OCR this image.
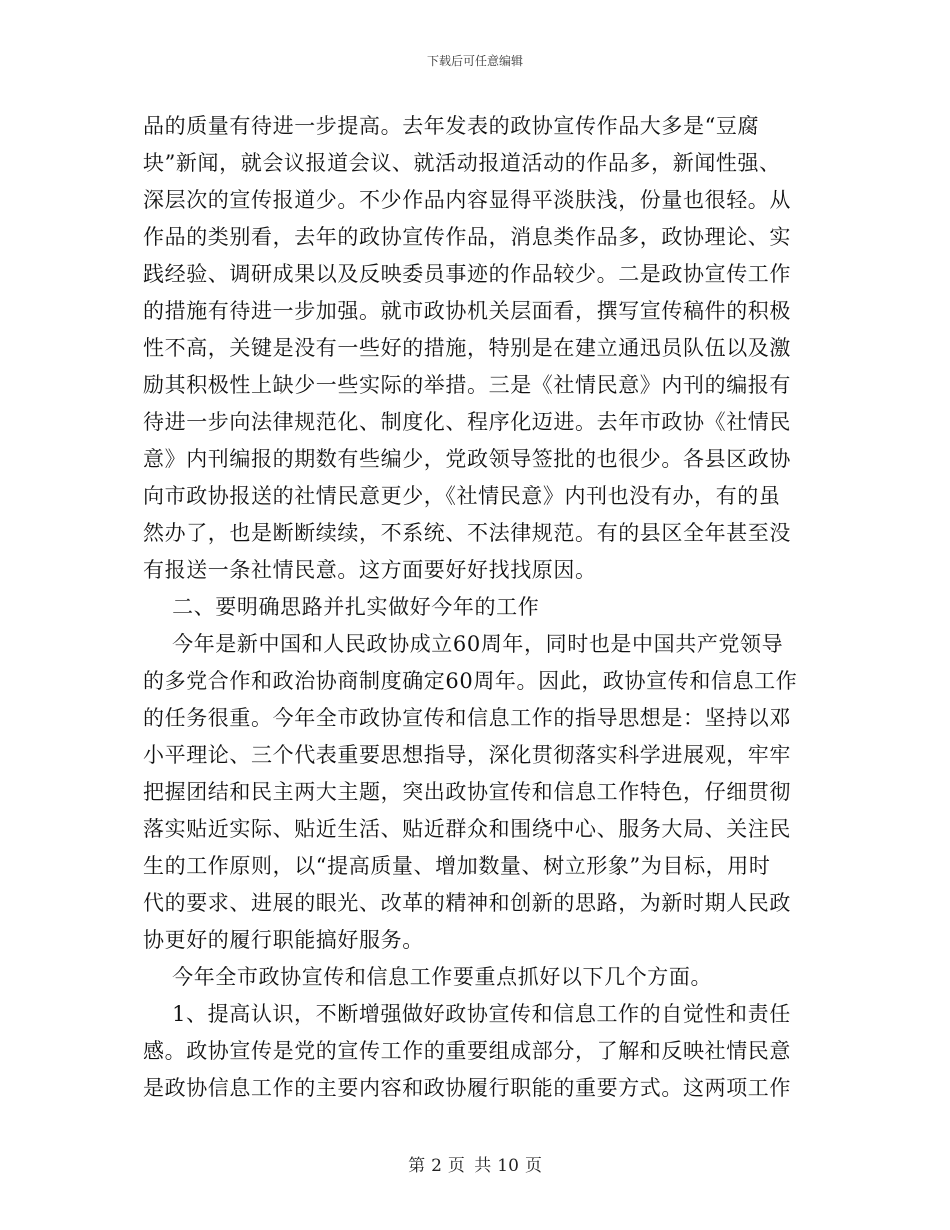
下载后可任意编辑
品的质量有待进一步提高。去年发表的政协宣传作品大多是“豆腐
块”新闻，就会议报道会议、就活动报道活动的作品多，新闻性强、
深层次的宣传报道少。不少作品内容显得平淡肤浅，份量也很轻。从
作品的类别看，去年的政协宣传作品，消息类作品多，政协理论、实
践经验、调研成果以及反映委员事迹的作品较少。二是政协宣传工作
的措施有待进一步加强。就市政协机关层面看，撰写宣传稿件的积极
性不高，关键是没有一些好的措施，特别是在建立通迅员队伍以及激
励其积极性上缺少一些实际的举措。三是《社情民意》内刊的编报有
待进一步向法律规范化、制度化、程序化迈进。去年市政协《社情民
意》内刊编报的期数有些编少，党政领导签批的也很少。各县区政协
向市政协报送的社情民意更少，《社情民意》内刊也没有办，有的虽
然办了，也是断断续续，不系统、不法律规范。有的县区全年甚至没
有报送一条社情民意。这方面要好好找找原因。
二、要明确思路并扎实做好今年的工作
今年是新中国和人民政协成立60周年，同时也是中国共产党领导
的多党合作和政治协商制度确定60周年。因此，政协宣传和信息工作
的任务很重。今年全市政协宣传和信息工作的指导思想是：坚持以邓
小平理论、三个代表重要思想指导，深化贯彻落实科学进展观，牢牢
把握团结和民主两大主题，突出政协宣传和信息工作特色，仔细贯彻
落实贴近实际、贴近生活、贴近群众和围绕中心、服务大局、关注民
生的工作原则，以“提高质量、增加数量、树立形象”为目标，用时
代的要求、进展的眼光、改革的精神和创新的思路，为新时期人民政
协更好的履行职能搞好服务。
今年全市政协宣传和信息工作要重点抓好以下几个方面。
1、提高认识，不断增强做好政协宣传和信息工作的自觉性和责任
感。政协宣传是党的宣传工作的重要组成部分，了解和反映社情民意
是政协信息工作的主要内容和政协履行职能的重要方式。这两项工作
第 2 页 共 10 页
